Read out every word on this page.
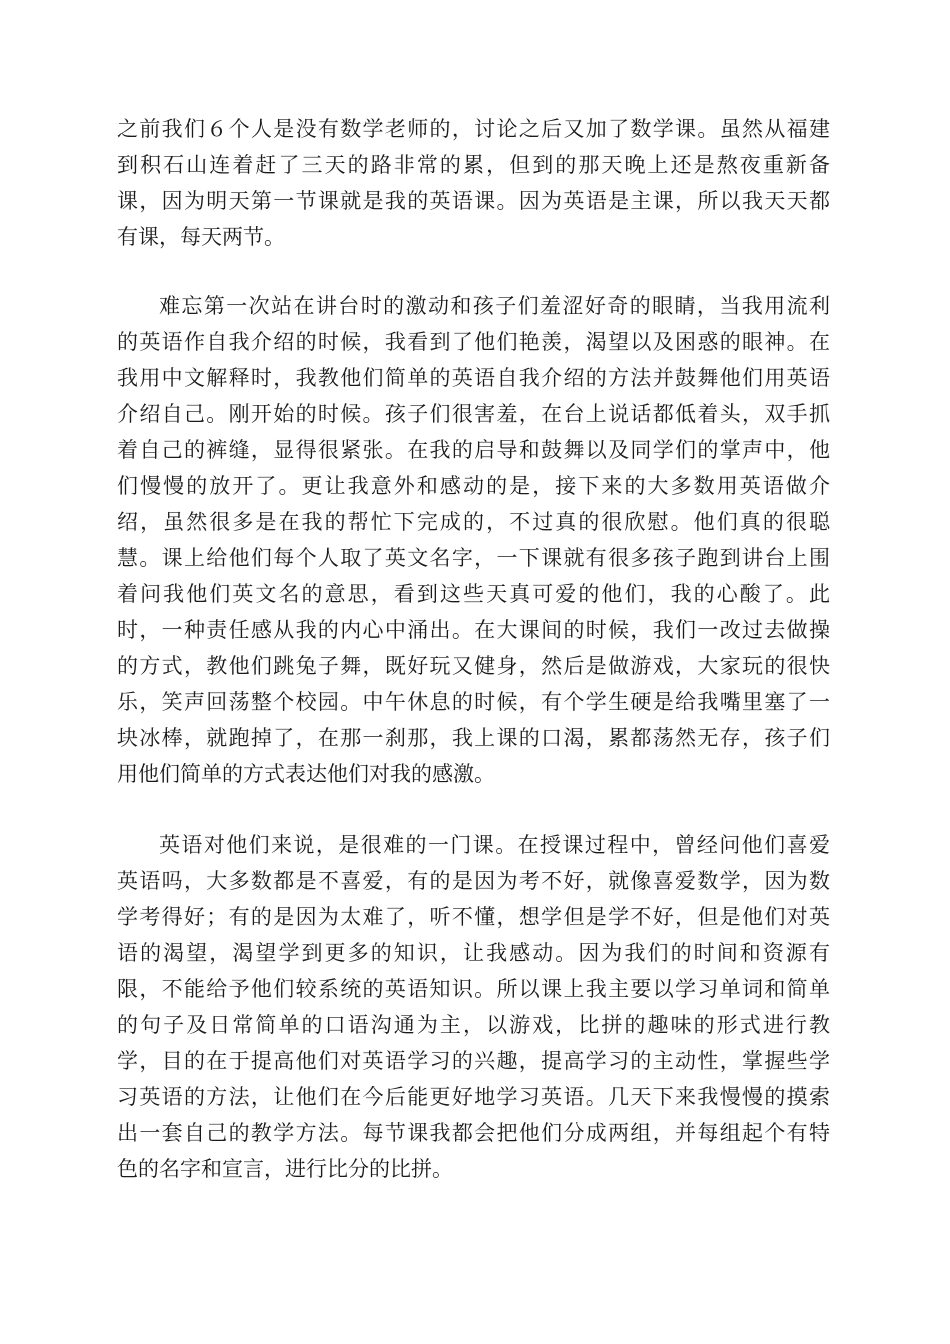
之前我们６个人是没有数学老师的，讨论之后又加了数学课。虽然从福建
到积石山连着赶了三天的路非常的累，但到的那天晚上还是熬夜重新备
课，因为明天第一节课就是我的英语课。因为英语是主课，所以我天天都
有课，每天两节。
难忘第一次站在讲台时的激动和孩子们羞涩好奇的眼睛，当我用流利
的英语作自我介绍的时候，我看到了他们艳羡，渴望以及困惑的眼神。在
我用中文解释时，我教他们简单的英语自我介绍的方法并鼓舞他们用英语
介绍自己。刚开始的时候。孩子们很害羞，在台上说话都低着头，双手抓
着自己的裤缝，显得很紧张。在我的启导和鼓舞以及同学们的掌声中，他
们慢慢的放开了。更让我意外和感动的是，接下来的大多数用英语做介
绍，虽然很多是在我的帮忙下完成的，不过真的很欣慰。他们真的很聪
慧。课上给他们每个人取了英文名字，一下课就有很多孩子跑到讲台上围
着问我他们英文名的意思，看到这些天真可爱的他们，我的心酸了。此
时，一种责任感从我的内心中涌出。在大课间的时候，我们一改过去做操
的方式，教他们跳兔子舞，既好玩又健身，然后是做游戏，大家玩的很快
乐，笑声回荡整个校园。中午休息的时候，有个学生硬是给我嘴里塞了一
块冰棒，就跑掉了，在那一刹那，我上课的口渴，累都荡然无存，孩子们
用他们简单的方式表达他们对我的感激。
英语对他们来说，是很难的一门课。在授课过程中，曾经问他们喜爱
英语吗，大多数都是不喜爱，有的是因为考不好，就像喜爱数学，因为数
学考得好；有的是因为太难了，听不懂，想学但是学不好，但是他们对英
语的渴望，渴望学到更多的知识，让我感动。因为我们的时间和资源有
限，不能给予他们较系统的英语知识。所以课上我主要以学习单词和简单
的句子及日常简单的口语沟通为主，以游戏，比拼的趣味的形式进行教
学，目的在于提高他们对英语学习的兴趣，提高学习的主动性，掌握些学
习英语的方法，让他们在今后能更好地学习英语。几天下来我慢慢的摸索
出一套自己的教学方法。每节课我都会把他们分成两组，并每组起个有特
色的名字和宣言，进行比分的比拼。
